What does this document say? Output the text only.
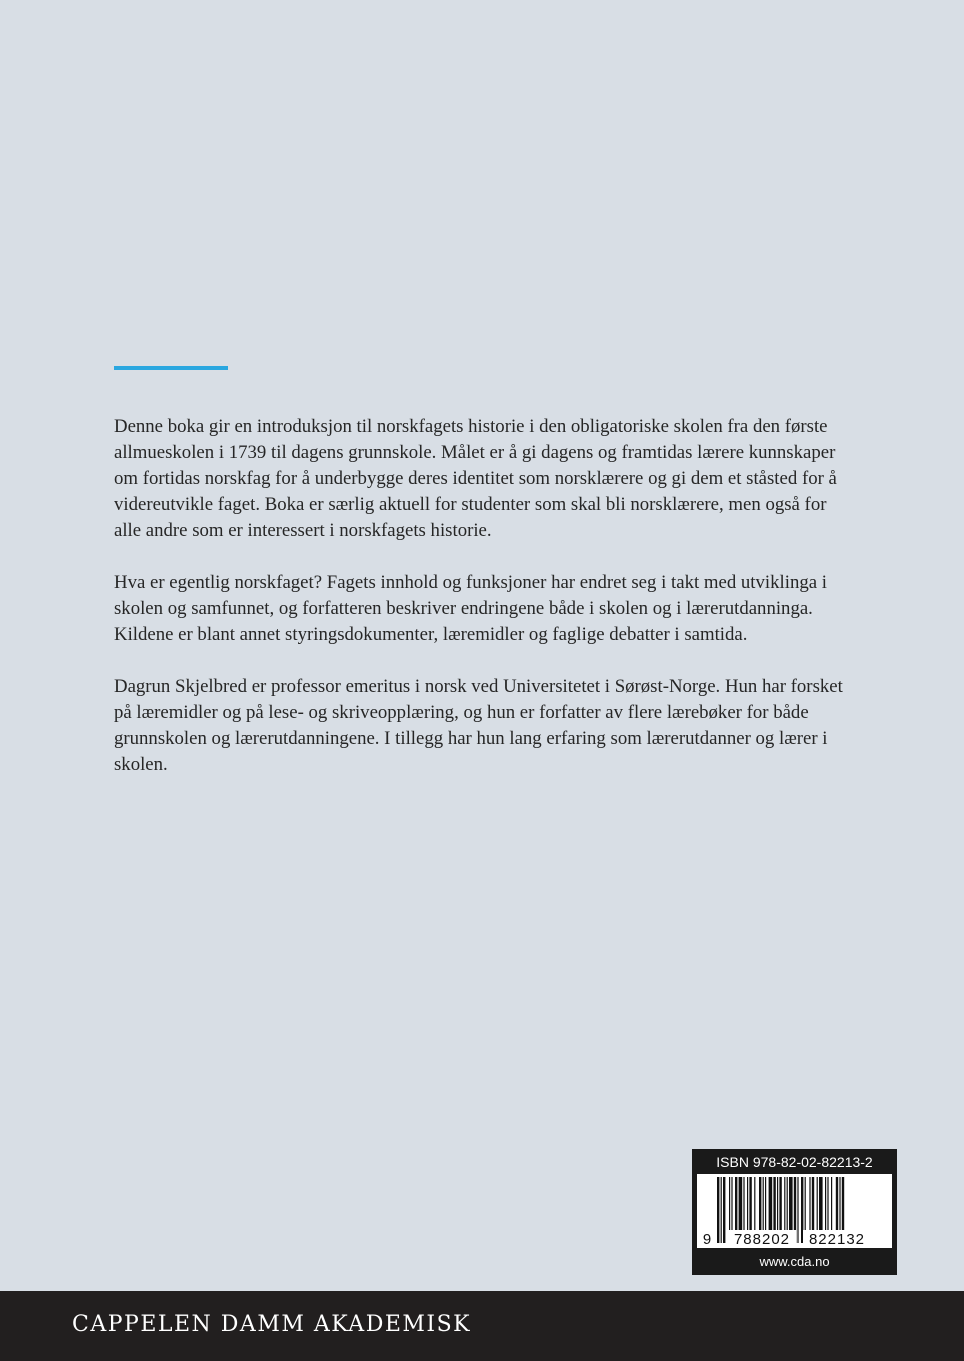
Denne boka gir en introduksjon til norskfagets historie i den obligatoriske skolen fra den første allmueskolen i 1739 til dagens grunnskole. Målet er å gi dagens og framtidas lærere kunnskaper om fortidas norskfag for å underbygge deres identitet som norsklærere og gi dem et ståsted for å videreutvikle faget. Boka er særlig aktuell for studenter som skal bli norsklærere, men også for alle andre som er interessert i norskfagets historie.

Hva er egentlig norskfaget? Fagets innhold og funksjoner har endret seg i takt med utviklinga i skolen og samfunnet, og forfatteren beskriver endringene både i skolen og i lærerutdanninga. Kildene er blant annet styringsdokumenter, læremidler og faglige debatter i samtida.

Dagrun Skjelbred er professor emeritus i norsk ved Universitetet i Sørøst-Norge. Hun har forsket på læremidler og på lese- og skriveopplæring, og hun er forfatter av flere lærebøker for både grunnskolen og lærerutdanningene. I tillegg har hun lang erfaring som lærerutdanner og lærer i skolen.

ISBN 978-82-02-82213-2
9 788202 822132
www.cda.no
CAPPELEN DAMM AKADEMISK
